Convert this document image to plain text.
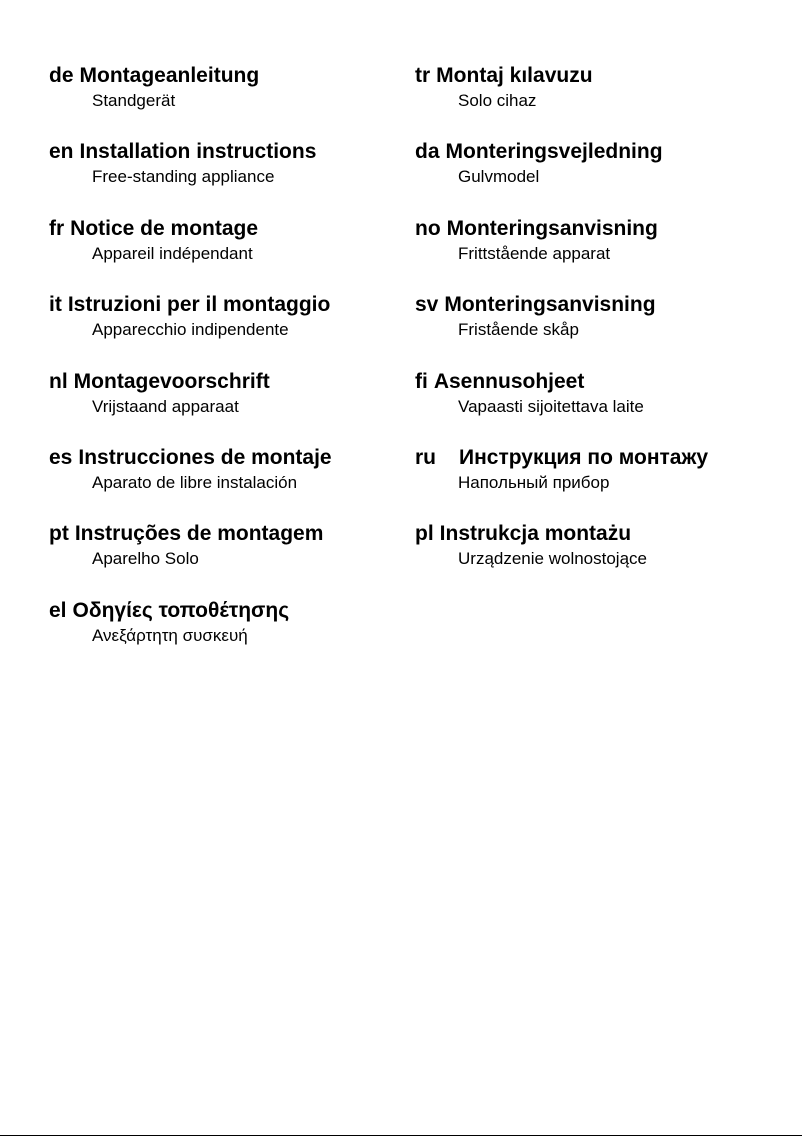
de Montageanleitung
Standgerät
en Installation instructions
Free-standing appliance
fr Notice de montage
Appareil indépendant
it Istruzioni per il montaggio
Apparecchio indipendente
nl Montagevoorschrift
Vrijstaand apparaat
es Instrucciones de montaje
Aparato de libre instalación
pt Instruções de montagem
Aparelho Solo
el Οδηγίες τοποθέτησης
Ανεξάρτητη συσκευή
tr Montaj kılavuzu
Solo cihaz
da Monteringsvejledning
Gulvmodel
no Monteringsanvisning
Frittstående apparat
sv Monteringsanvisning
Fristående skåp
fi Asennusohjeet
Vapaasti sijoitettava laite
ru Инструкция по монтажу
Напольный прибор
pl Instrukcja montażu
Urządzenie wolnostojące
